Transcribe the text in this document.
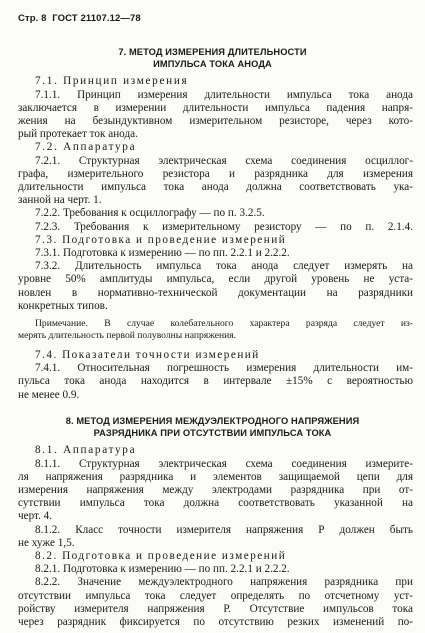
Стр. 8 ГОСТ 21107.12—78
7. МЕТОД ИЗМЕРЕНИЯ ДЛИТЕЛЬНОСТИ
ИМПУЛЬСА ТОКА АНОДА
7.1. Принцип измерения
7.1.1. Принцип измерения длительности импульса тока анода
заключается в измерении длительности импульса падения напря-
жения на безындуктивном измерительном резисторе, через кото-
рый протекает ток анода.
7.2. Аппаратура
7.2.1. Структурная электрическая схема соединения осциллог-
графа, измерительного резистора и разрядника для измерения
длительности импульса тока анода должна соответствовать ука-
занной на черт. 1.
7.2.2. Требования к осциллографу — по п. 3.2.5.
7.2.3. Требования к измерительному резистору — по п. 2.1.4.
7.3. Подготовка и проведение измерений
7.3.1. Подготовка к измерению — по пп. 2.2.1 и 2.2.2.
7.3.2. Длительность импульса тока анода следует измерять на
уровне 50% амплитуды импульса, если другой уровень не уста-
новлен в нормативно-технической документации на разрядники
конкретных типов.
Примечание. В случае колебательного характера разряда следует из-
мерять длительность первой полуволны напряжения.
7.4. Показатели точности измерений
7.4.1. Относительная погрешность измерения длительности им-
пульса тока анода находится в интервале ±15% с вероятностью
не менее 0.9.
8. МЕТОД ИЗМЕРЕНИЯ МЕЖДУЭЛЕКТРОДНОГО НАПРЯЖЕНИЯ
РАЗРЯДНИКА ПРИ ОТСУТСТВИИ ИМПУЛЬСА ТОКА
8.1. Аппаратура
8.1.1. Структурная электрическая схема соединения измерите-
ля напряжения разрядника и элементов защищаемой цепи для
измерения напряжения между электродами разрядника при от-
сутствии импульса тока должна соответствовать указанной на
черт. 4.
8.1.2. Класс точности измерителя напряжения Р должен быть
не хуже 1,5.
8.2. Подготовка и проведение измерений
8.2.1. Подготовка к измерению — по пп. 2.2.1 и 2.2.2.
8.2.2. Значение междуэлектродного напряжения разрядника при
отсутствии импульса тока следует определять по отсчетному уст-
ройству измерителя напряжения Р. Отсутствие импульсов тока
через разрядник фиксируется по отсутствию резких изменений по-
